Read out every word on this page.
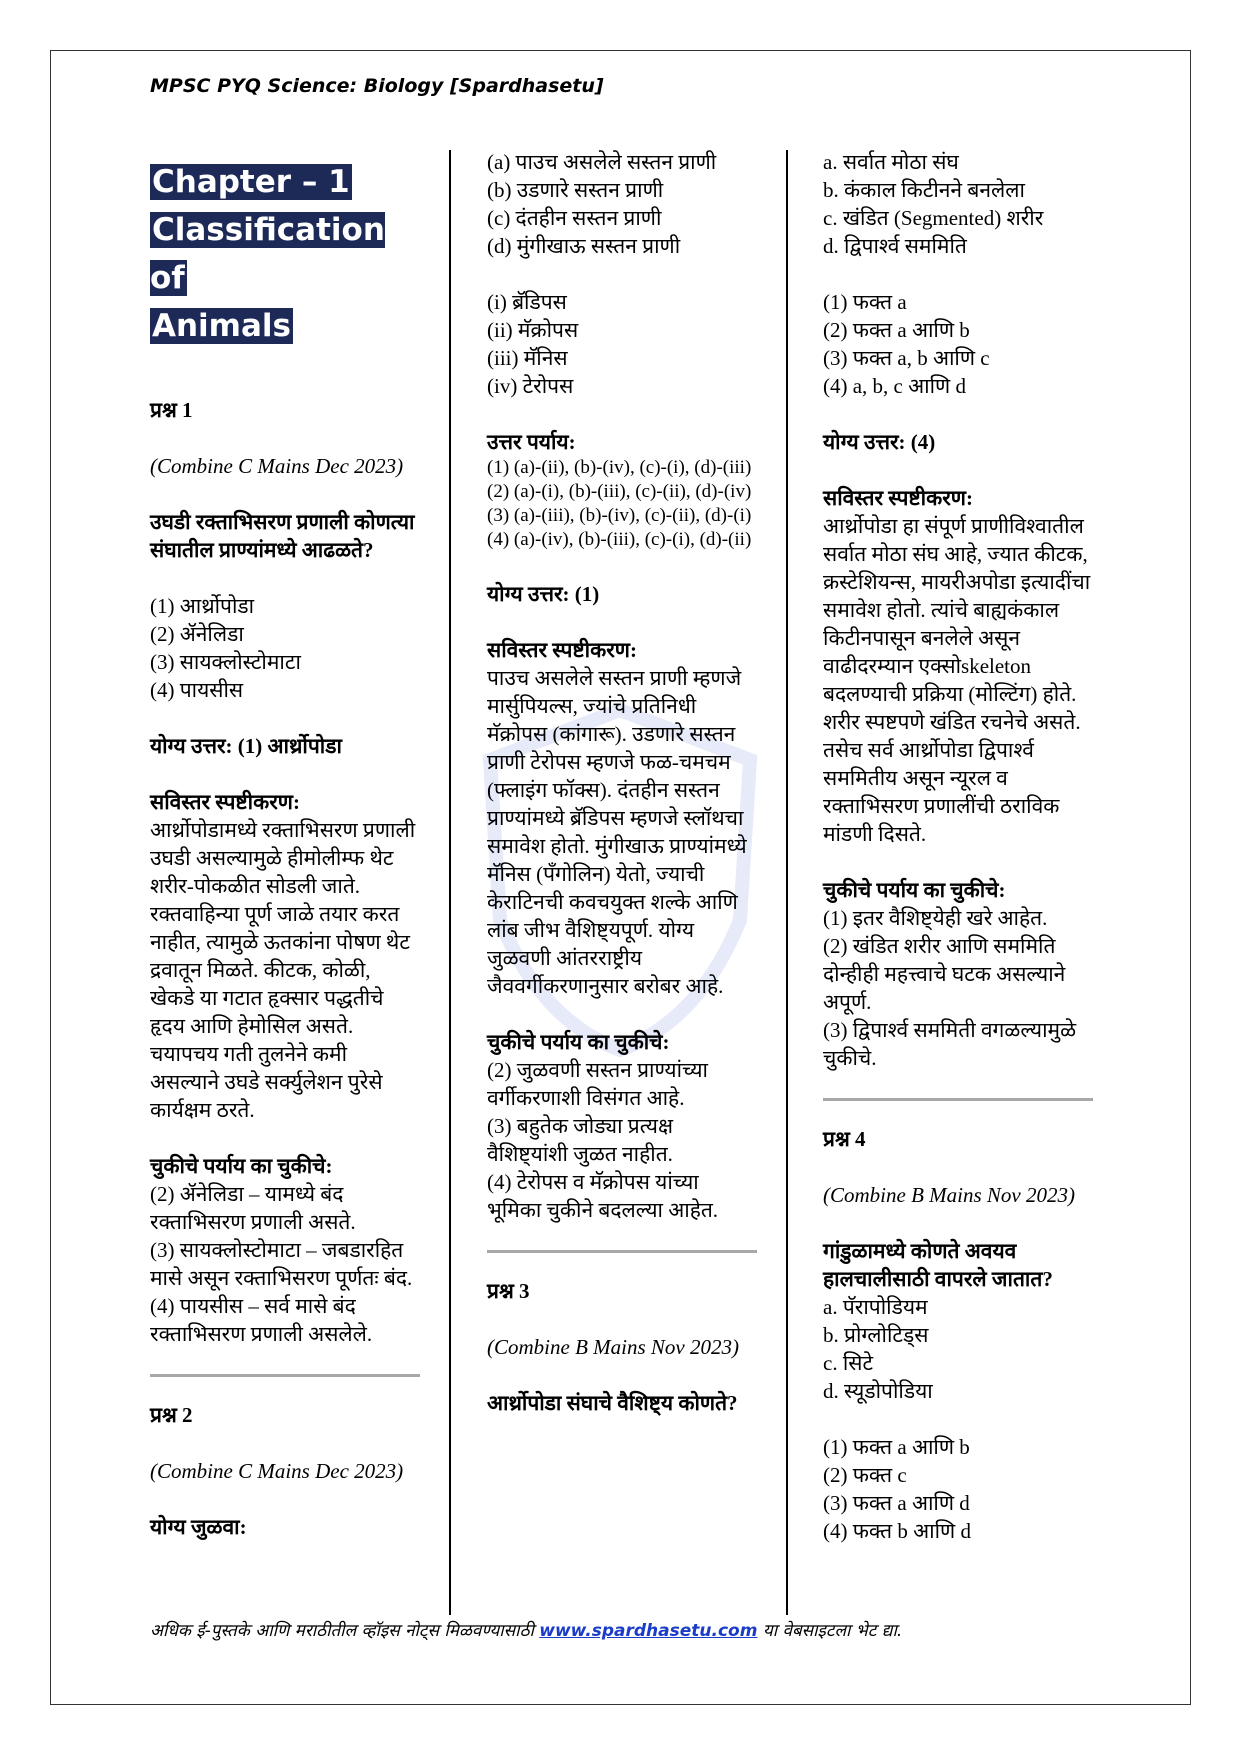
MPSC PYQ Science: Biology [Spardhasetu]
Chapter – 1
Classification of
Animals

प्रश्न 1

(Combine C Mains Dec 2023)

उघडी रक्ताभिसरण प्रणाली कोणत्या संघातील प्राण्यांमध्ये आढळते?

(1) आर्थ्रोपोडा

(2) ॲनेलिडा

(3) सायक्लोस्टोमाटा

(4) पायसीस

योग्य उत्तर: (1) आर्थ्रोपोडा

सविस्तर स्पष्टीकरण:

आर्थ्रोपोडामध्ये रक्ताभिसरण प्रणाली उघडी असल्यामुळे हीमोलीम्फ थेट शरीर-पोकळीत सोडली जाते. रक्तवाहिन्या पूर्ण जाळे तयार करत नाहीत, त्यामुळे ऊतकांना पोषण थेट द्रवातून मिळते. कीटक, कोळी, खेकडे या गटात हृक्सार पद्धतीचे हृदय आणि हेमोसिल असते. चयापचय गती तुलनेने कमी असल्याने उघडे सर्क्युलेशन पुरेसे कार्यक्षम ठरते.

चुकीचे पर्याय का चुकीचे:

(2) ॲनेलिडा – यामध्ये बंद रक्ताभिसरण प्रणाली असते.

(3) सायक्लोस्टोमाटा – जबडारहित मासे असून रक्ताभिसरण पूर्णतः बंद.

(4) पायसीस – सर्व मासे बंद रक्ताभिसरण प्रणाली असलेले.

प्रश्न 2

(Combine C Mains Dec 2023)

योग्य जुळवा:

(a) पाउच असलेले सस्तन प्राणी

(b) उडणारे सस्तन प्राणी

(c) दंतहीन सस्तन प्राणी

(d) मुंगीखाऊ सस्तन प्राणी

(i) ब्रॅडिपस

(ii) मॅक्रोपस

(iii) मॅनिस

(iv) टेरोपस

उत्तर पर्याय:

(1) (a)-(ii), (b)-(iv), (c)-(i), (d)-(iii)

(2) (a)-(i), (b)-(iii), (c)-(ii), (d)-(iv)

(3) (a)-(iii), (b)-(iv), (c)-(ii), (d)-(i)

(4) (a)-(iv), (b)-(iii), (c)-(i), (d)-(ii)

योग्य उत्तर: (1)

सविस्तर स्पष्टीकरण:

पाउच असलेले सस्तन प्राणी म्हणजे मार्सुपियल्स, ज्यांचे प्रतिनिधी मॅक्रोपस (कांगारू). उडणारे सस्तन प्राणी टेरोपस म्हणजे फळ-चमचम (फ्लाइंग फॉक्स). दंतहीन सस्तन प्राण्यांमध्ये ब्रॅडिपस म्हणजे स्लॉथचा समावेश होतो. मुंगीखाऊ प्राण्यांमध्ये मॅनिस (पँगोलिन) येतो, ज्याची केराटिनची कवचयुक्त शल्के आणि लांब जीभ वैशिष्ट्यपूर्ण. योग्य जुळवणी आंतरराष्ट्रीय जैववर्गीकरणानुसार बरोबर आहे.

चुकीचे पर्याय का चुकीचे:

(2) जुळवणी सस्तन प्राण्यांच्या वर्गीकरणाशी विसंगत आहे.

(3) बहुतेक जोड्या प्रत्यक्ष वैशिष्ट्यांशी जुळत नाहीत.

(4) टेरोपस व मॅक्रोपस यांच्या भूमिका चुकीने बदलल्या आहेत.

प्रश्न 3

(Combine B Mains Nov 2023)

आर्थ्रोपोडा संघाचे वैशिष्ट्य कोणते?

a. सर्वात मोठा संघ

b. कंकाल किटीनने बनलेला

c. खंडित (Segmented) शरीर

d. द्विपार्श्व सममिति

(1) फक्त a

(2) फक्त a आणि b

(3) फक्त a, b आणि c

(4) a, b, c आणि d

योग्य उत्तर: (4)

सविस्तर स्पष्टीकरण:

आर्थ्रोपोडा हा संपूर्ण प्राणीविश्वातील सर्वात मोठा संघ आहे, ज्यात कीटक, क्रस्टेशियन्स, मायरीअपोडा इत्यादींचा समावेश होतो. त्यांचे बाह्यकंकाल किटीनपासून बनलेले असून वाढीदरम्यान एक्सोskeleton बदलण्याची प्रक्रिया (मोल्टिंग) होते. शरीर स्पष्टपणे खंडित रचनेचे असते. तसेच सर्व आर्थ्रोपोडा द्विपार्श्व सममितीय असून न्यूरल व रक्ताभिसरण प्रणालींची ठराविक मांडणी दिसते.

चुकीचे पर्याय का चुकीचे:

(1) इतर वैशिष्ट्येही खरे आहेत.

(2) खंडित शरीर आणि सममिति दोन्हीही महत्त्वाचे घटक असल्याने अपूर्ण.

(3) द्विपार्श्व सममिती वगळल्यामुळे चुकीचे.

प्रश्न 4

(Combine B Mains Nov 2023)

गांडुळामध्ये कोणते अवयव हालचालीसाठी वापरले जातात?

a. पॅरापोडियम

b. प्रोग्लोटिड्स

c. सिटे

d. स्यूडोपोडिया

(1) फक्त a आणि b

(2) फक्त c

(3) फक्त a आणि d

(4) फक्त b आणि d

अधिक ई-पुस्तके आणि मराठीतील व्हॉइस नोट्स मिळवण्यासाठी www.spardhasetu.com या वेबसाइटला भेट द्या.
